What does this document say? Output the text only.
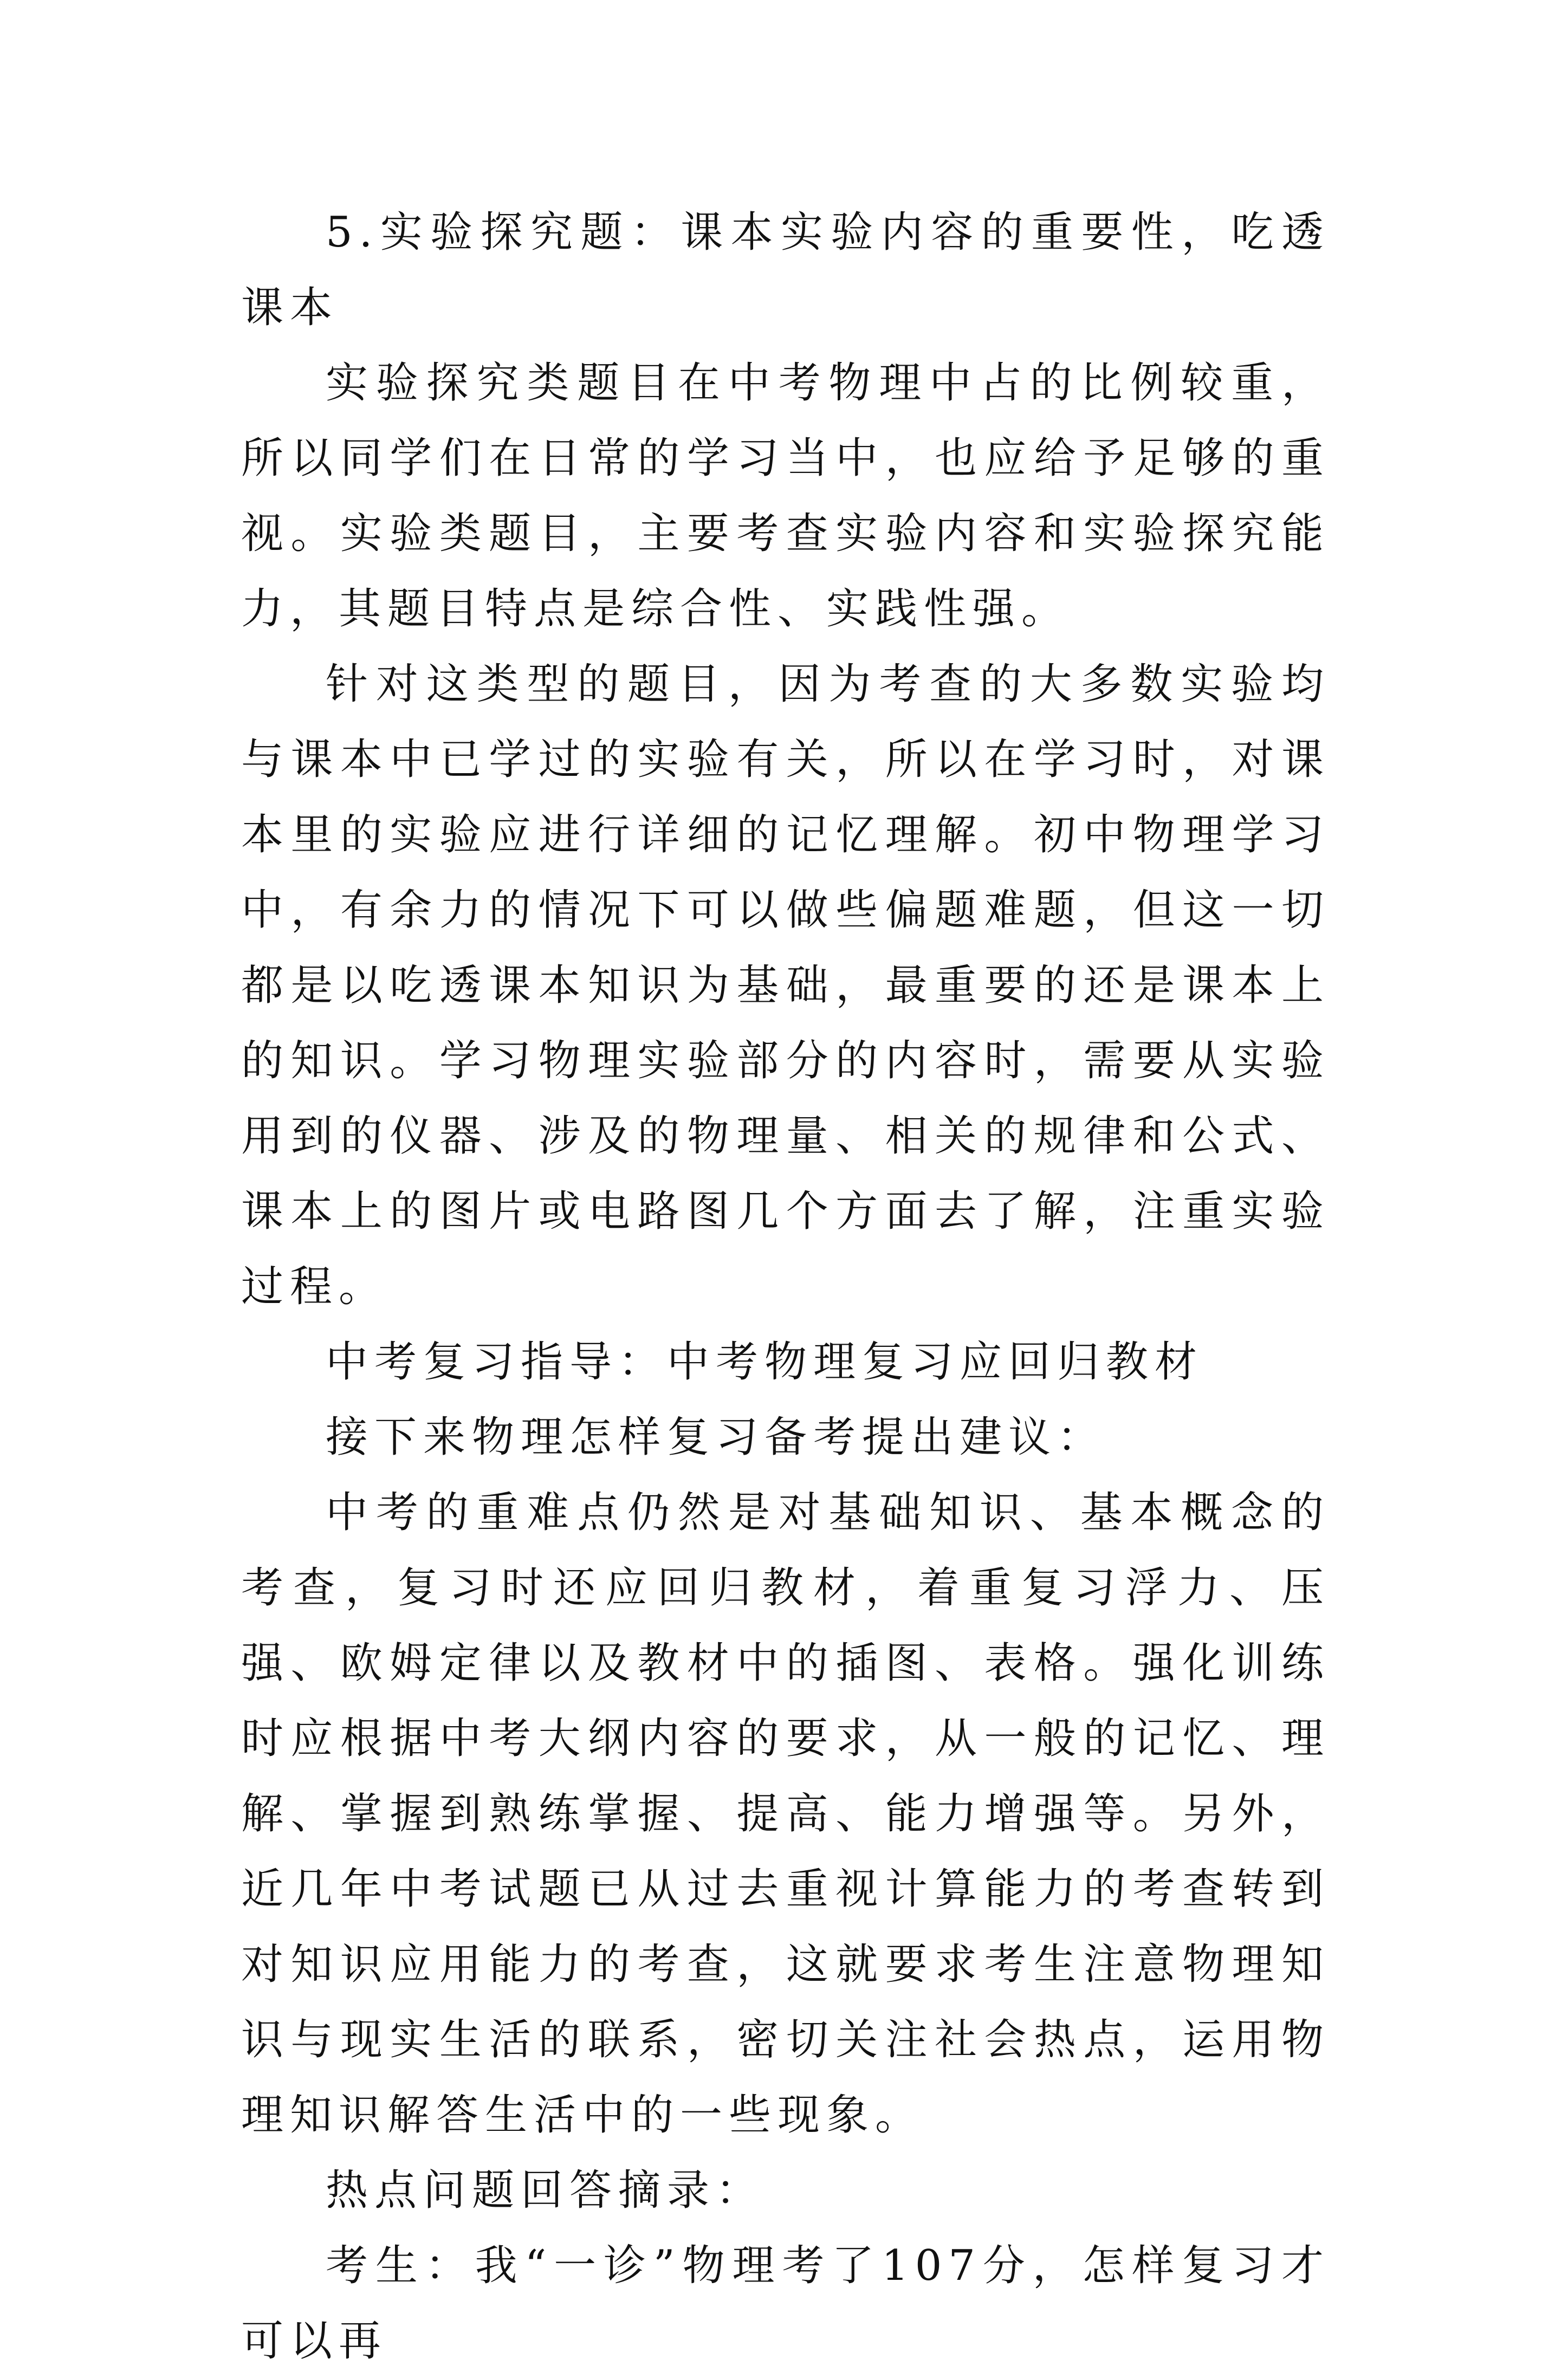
5.实验探究题：课本实验内容的重要性，吃透课本

实验探究类题目在中考物理中占的比例较重，所以同学们在日常的学习当中，也应给予足够的重视。实验类题目，主要考查实验内容和实验探究能力，其题目特点是综合性、实践性强。

针对这类型的题目，因为考查的大多数实验均与课本中已学过的实验有关，所以在学习时，对课本里的实验应进行详细的记忆理解。初中物理学习中，有余力的情况下可以做些偏题难题，但这一切都是以吃透课本知识为基础，最重要的还是课本上的知识。学习物理实验部分的内容时，需要从实验用到的仪器、涉及的物理量、相关的规律和公式、课本上的图片或电路图几个方面去了解，注重实验过程。

中考复习指导：中考物理复习应回归教材

接下来物理怎样复习备考提出建议：

中考的重难点仍然是对基础知识、基本概念的考查，复习时还应回归教材，着重复习浮力、压强、欧姆定律以及教材中的插图、表格。强化训练时应根据中考大纲内容的要求，从一般的记忆、理解、掌握到熟练掌握、提高、能力增强等。另外，近几年中考试题已从过去重视计算能力的考查转到对知识应用能力的考查，这就要求考生注意物理知识与现实生活的联系，密切关注社会热点，运用物理知识解答生活中的一些现象。

热点问题回答摘录：

考生：我“一诊”物理考了107分，怎样复习才可以再
